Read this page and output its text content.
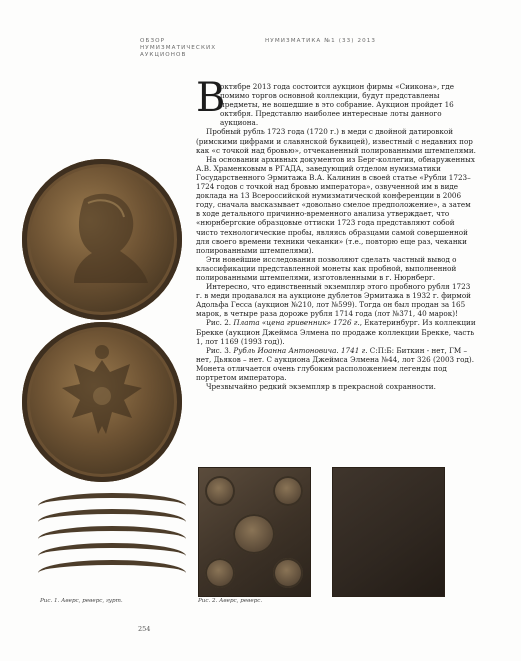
ОБЗОР
НУМИЗМАТИЧЕСКИХ
АУКЦИОНОВ
НУМИЗМАТИКА №1 (33) 2013
В

октябре 2013 года состоится аукцион фирмы «Сиикона», где помимо торгов основной коллекции, будут представлены предметы, не вошедшие в это собрание. Аукцион пройдет 16 октября. Представлю наиболее интересные лоты данного аукциона.

Пробный рубль 1723 года (1720 г.) в меди с двойной датировкой (римскими цифрами и славянской буквицей), известный с недавних пор как «с точкой над бровью», отчеканенный полированными штемпелями.

На основании архивных документов из Берг-коллегии, обнаруженных А.В. Храменковым в РГАДА, заведующий отделом нумизматики Государственного Эрмитажа В.А. Калинин в своей статье «Рубли 1723–1724 годов с точкой над бровью императора», озвученной им в виде доклада на 13 Всероссийской нумизматической конференции в 2006 году, сначала высказывает «довольно смелое предположение», а затем в ходе детального причинно-временного анализа утверждает, что «нюрнбергские образцовые оттиски 1723 года представляют собой чисто технологические пробы, являясь образцами самой совершенной для своего времени техники чеканки» (т.е., повторю еще раз, чеканки полированными штемпелями).

Эти новейшие исследования позволяют сделать частный вывод о классификации представленной монеты как пробной, выполненной полированными штемпелями, изготовленными в г. Нюрнберг.

Интересно, что единственный экземпляр этого пробного рубля 1723 г. в меди продавался на аукционе дублетов Эрмитажа в 1932 г. фирмой Адольфа Гесса (аукцион №210, лот №599). Тогда он был продан за 165 марок, в четыре раза дороже рубля 1714 года (лот №371, 40 марок)!

Рис. 2. Плата «цена гривенник» 1726 г., Екатеринбург. Из коллекции Брекке (аукцион Джеймса Элмена по продаже коллекции Брекке, часть 1, лот 1169 (1993 год)).

Рис. 3. Рубль Иоанна Антоновича. 1741 г. С:П:Б: Биткин - нет, ГМ – нет, Дьяков – нет. С аукциона Джеймса Элмена №44, лот 326 (2003 год). Монета отличается очень глубоким расположением легенды под портретом императора.

Чрезвычайно редкий экземпляр в прекрасной сохранности.

Рис. 1. Аверс, реверс, гурт.	Рис. 2. Аверс, реверс.
254
